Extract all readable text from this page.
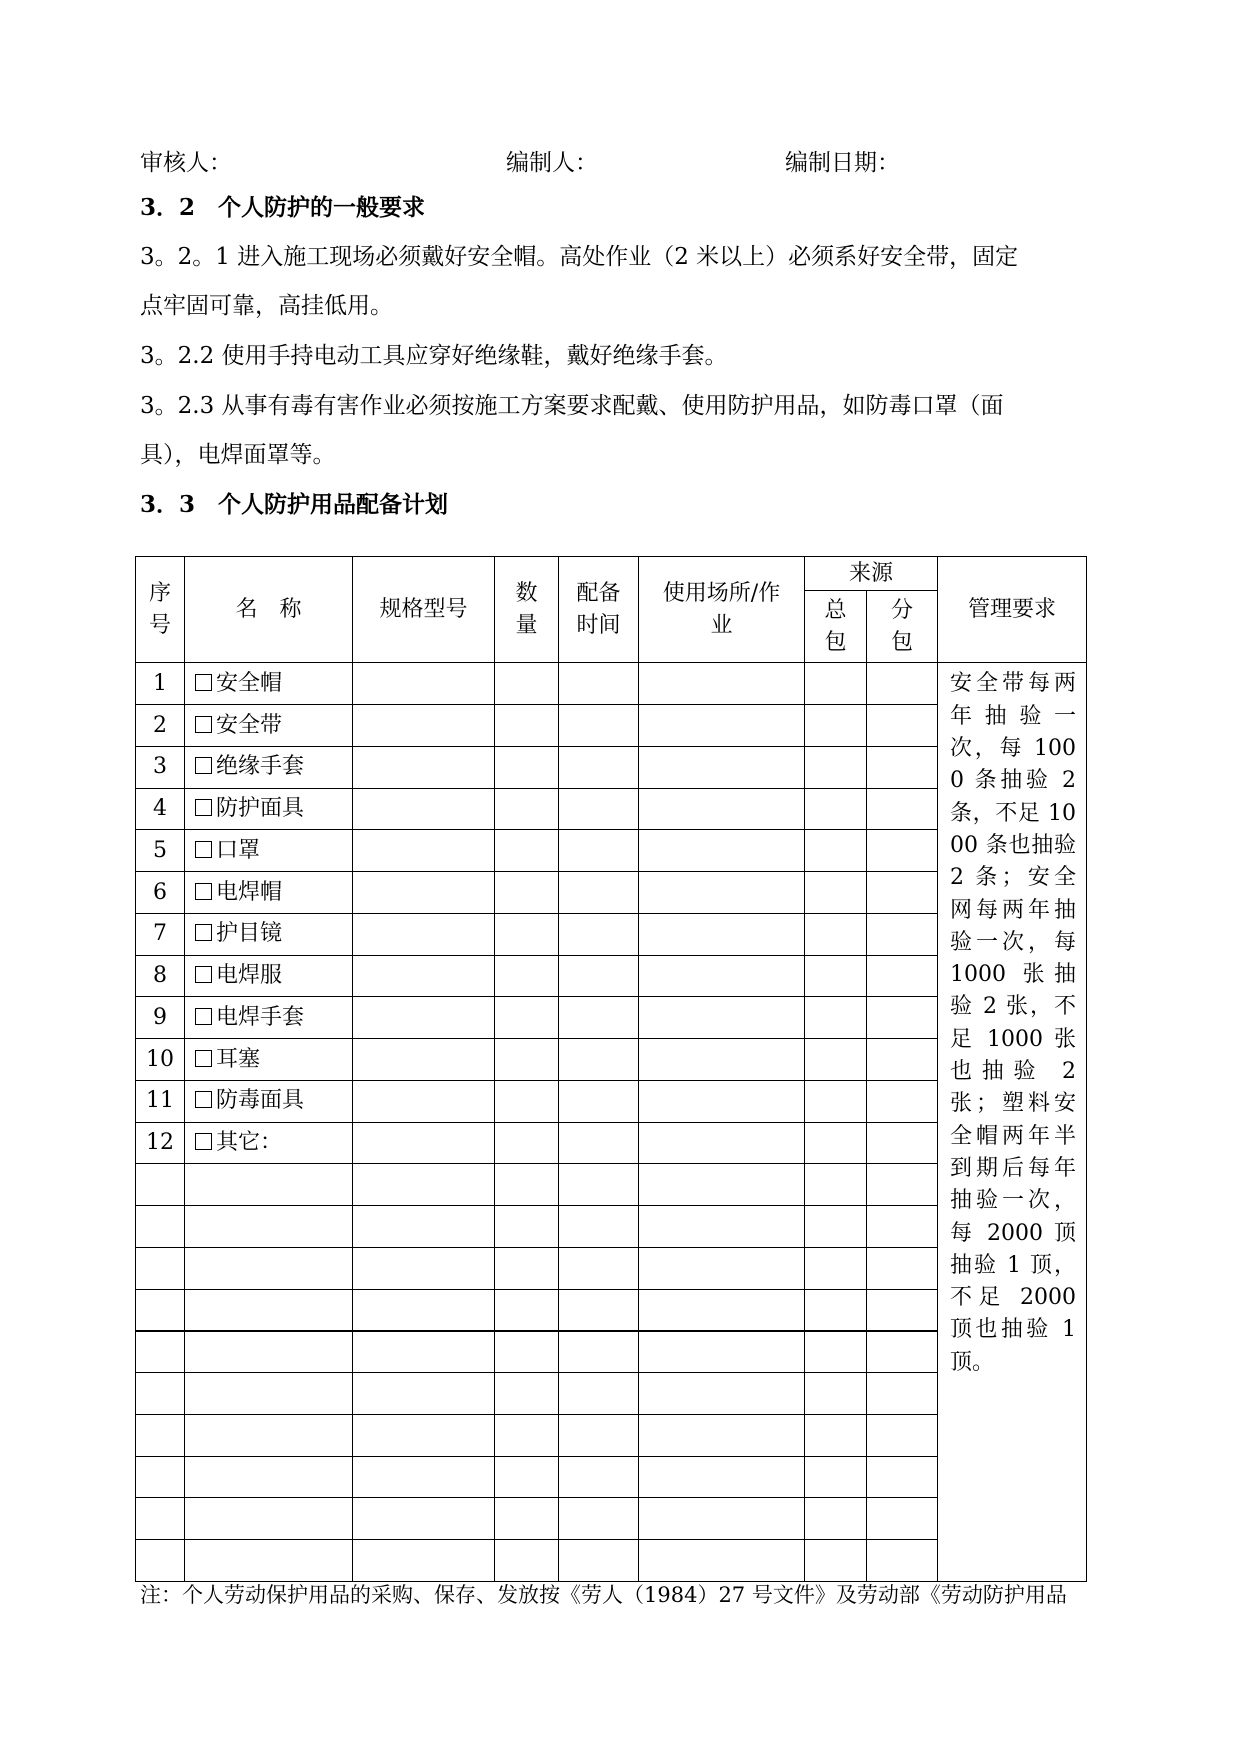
审核人：	编制人：	编制日期：
3．2　个人防护的一般要求
3。2。1 进入施工现场必须戴好安全帽。高处作业（2 米以上）必须系好安全带，固定
点牢固可靠，高挂低用。
3。2.2 使用手持电动工具应穿好绝缘鞋，戴好绝缘手套。
3。2.3 从事有毒有害作业必须按施工方案要求配戴、使用防护用品，如防毒口罩（面
具），电焊面罩等。
3．3　个人防护用品配备计划
序号	名　称	规格型号	数量	配备时间	使用场所/作业	来源		管理要求

						总包	分包	

1	安全帽							安全带每两年抽验一次，每 1000 条抽验 2 条，不足 1000 条也抽验 2 条；安全网每两年抽验一次，每 1000 张抽验 2 张，不足 1000 张也抽验 2 张；塑料安全帽两年半到期后每年抽验一次，每 2000 顶抽验 1 顶，不足 2000 顶也抽验 1 顶。
2	安全带							
3	绝缘手套							
4	防护面具							
5	口罩							
6	电焊帽							
7	护目镜							
8	电焊服							
9	电焊手套							
10	耳塞							
11	防毒面具							
12	其它：							

注：个人劳动保护用品的采购、保存、发放按《劳人（1984）27 号文件》及劳动部《劳动防护用品
